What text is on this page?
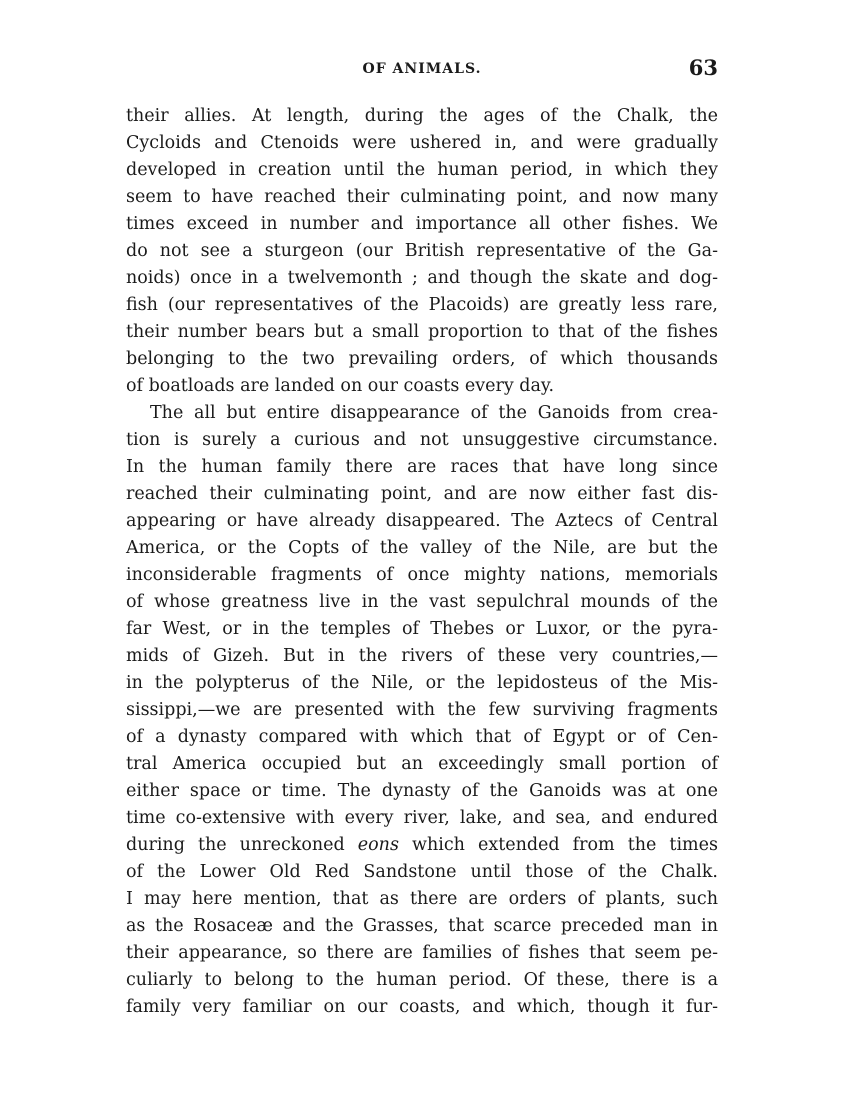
OF ANIMALS.	63
their allies. At length, during the ages of the Chalk, the
Cycloids and Ctenoids were ushered in, and were gradually
developed in creation until the human period, in which they
seem to have reached their culminating point, and now many
times exceed in number and importance all other fishes. We
do not see a sturgeon (our British representative of the Ga-
noids) once in a twelvemonth ; and though the skate and dog-
fish (our representatives of the Placoids) are greatly less rare,
their number bears but a small proportion to that of the fishes
belonging to the two prevailing orders, of which thousands
of boatloads are landed on our coasts every day.
The all but entire disappearance of the Ganoids from crea-
tion is surely a curious and not unsuggestive circumstance.
In the human family there are races that have long since
reached their culminating point, and are now either fast dis-
appearing or have already disappeared. The Aztecs of Central
America, or the Copts of the valley of the Nile, are but the
inconsiderable fragments of once mighty nations, memorials
of whose greatness live in the vast sepulchral mounds of the
far West, or in the temples of Thebes or Luxor, or the pyra-
mids of Gizeh. But in the rivers of these very countries,—
in the polypterus of the Nile, or the lepidosteus of the Mis-
sissippi,—we are presented with the few surviving fragments
of a dynasty compared with which that of Egypt or of Cen-
tral America occupied but an exceedingly small portion of
either space or time. The dynasty of the Ganoids was at one
time co-extensive with every river, lake, and sea, and endured
during the unreckoned eons which extended from the times
of the Lower Old Red Sandstone until those of the Chalk.
I may here mention, that as there are orders of plants, such
as the Rosaceæ and the Grasses, that scarce preceded man in
their appearance, so there are families of fishes that seem pe-
culiarly to belong to the human period. Of these, there is a
family very familiar on our coasts, and which, though it fur-
